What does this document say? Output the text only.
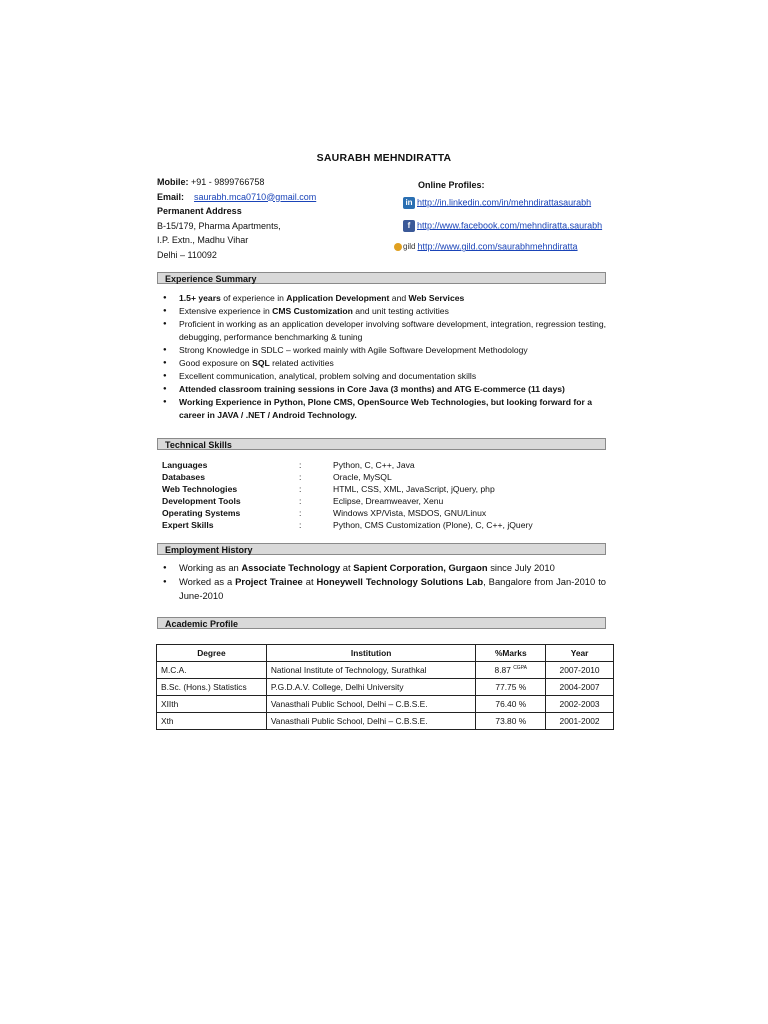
SAURABH MEHNDIRATTA
Mobile: +91 - 9899766758
Email: saurabh.mca0710@gmail.com
Permanent Address
B-15/179, Pharma Apartments,
I.P. Extn., Madhu Vihar
Delhi – 110092
Online Profiles:
in http://in.linkedin.com/in/mehndirattasaurabh
f http://www.facebook.com/mehndiratta.saurabh
gild http://www.gild.com/saurabhmehndiratta
Experience Summary
● 1.5+ years of experience in Application Development and Web Services
● Extensive experience in CMS Customization and unit testing activities
● Proficient in working as an application developer involving software development, integration, regression testing, debugging, performance benchmarking & tuning
● Strong Knowledge in SDLC – worked mainly with Agile Software Development Methodology
● Good exposure on SQL related activities
● Excellent communication, analytical, problem solving and documentation skills
● Attended classroom training sessions in Core Java (3 months) and ATG E-commerce (11 days)
● Working Experience in Python, Plone CMS, OpenSource Web Technologies, but looking forward for a career in JAVA / .NET / Android Technology.
Technical Skills
Languages	:	Python, C, C++, Java
Databases	:	Oracle, MySQL
Web Technologies	:	HTML, CSS, XML, JavaScript, jQuery, php
Development Tools	:	Eclipse, Dreamweaver, Xenu
Operating Systems	:	Windows XP/Vista, MSDOS, GNU/Linux
Expert Skills	:	Python, CMS Customization (Plone), C, C++, jQuery
Employment History
● Working as an Associate Technology at Sapient Corporation, Gurgaon since July 2010
● Worked as a Project Trainee at Honeywell Technology Solutions Lab, Bangalore from Jan-2010 to June-2010
Academic Profile
Degree	Institution	%Marks	Year
M.C.A.	National Institute of Technology, Surathkal	8.87 $^{CGPA}$	2007-2010
B.Sc. (Hons.) Statistics	P.G.D.A.V. College, Delhi University	77.75 %	2004-2007
XIIth	Vanasthali Public School, Delhi – C.B.S.E.	76.40 %	2002-2003
Xth	Vanasthali Public School, Delhi – C.B.S.E.	73.80 %	2001-2002
